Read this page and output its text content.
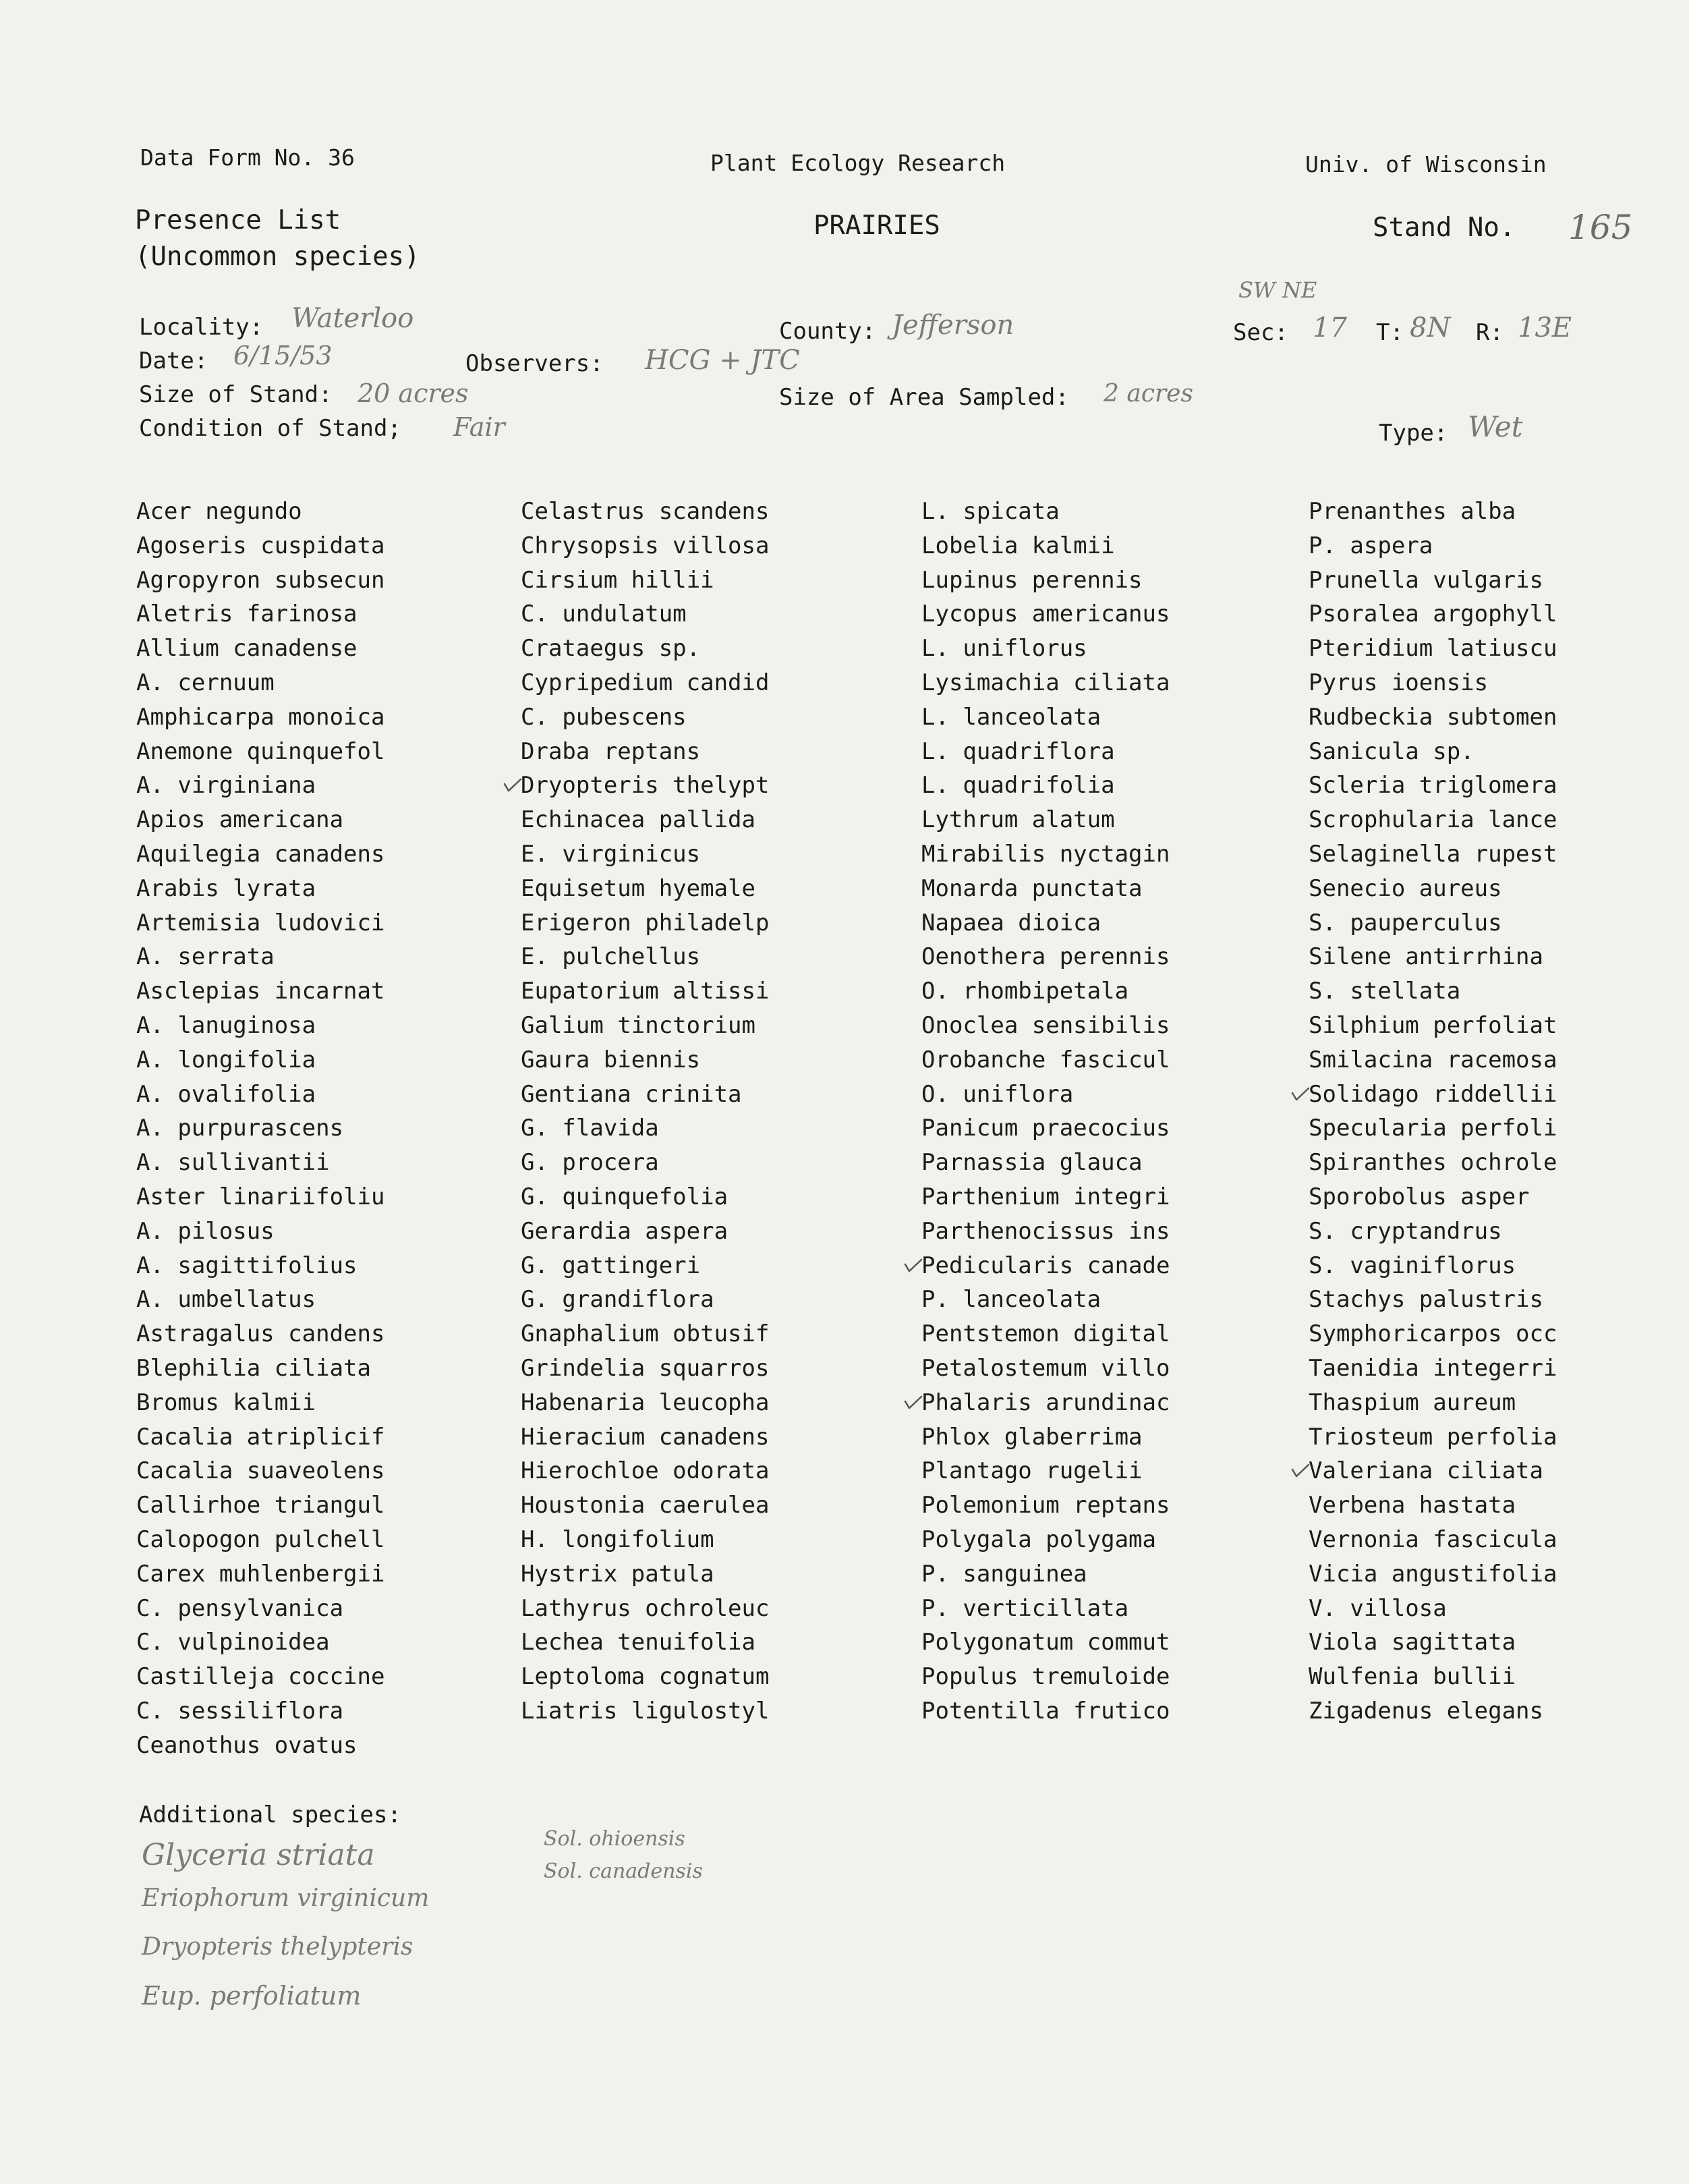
Data Form No. 36	Plant Ecology Research	Univ. of Wisconsin
Presence List
(Uncommon species)
PRAIRIES	Stand No. 165
Locality: Waterloo
Date: 6/15/53	Observers: HCG + JTC
Size of Stand: 20 acres
Condition of Stand; Fair
County: Jefferson
Size of Area Sampled: 2 acres
SW NE
Sec: 17 T: 8N R: 13E
Type: Wet
Acer negundo
Agoseris cuspidata
Agropyron subsecun
Aletris farinosa
Allium canadense
A. cernuum
Amphicarpa monoica
Anemone quinquefol
A. virginiana
Apios americana
Aquilegia canadens
Arabis lyrata
Artemisia ludovici
A. serrata
Asclepias incarnat
A. lanuginosa
A. longifolia
A. ovalifolia
A. purpurascens
A. sullivantii
Aster linariifoliu
A. pilosus
A. sagittifolius
A. umbellatus
Astragalus candens
Blephilia ciliata
Bromus kalmii
Cacalia atriplicif
Cacalia suaveolens
Callirhoe triangul
Calopogon pulchell
Carex muhlenbergii
C. pensylvanica
C. vulpinoidea
Castilleja coccine
C. sessiliflora
Ceanothus ovatus
Celastrus scandens
Chrysopsis villosa
Cirsium hillii
C. undulatum
Crataegus sp.
Cypripedium candid
C. pubescens
Draba reptans
Dryopteris thelypt
Echinacea pallida
E. virginicus
Equisetum hyemale
Erigeron philadelp
E. pulchellus
Eupatorium altissi
Galium tinctorium
Gaura biennis
Gentiana crinita
G. flavida
G. procera
G. quinquefolia
Gerardia aspera
G. gattingeri
G. grandiflora
Gnaphalium obtusif
Grindelia squarros
Habenaria leucopha
Hieracium canadens
Hierochloe odorata
Houstonia caerulea
H. longifolium
Hystrix patula
Lathyrus ochroleuc
Lechea tenuifolia
Leptoloma cognatum
Liatris ligulostyl
L. spicata
Lobelia kalmii
Lupinus perennis
Lycopus americanus
L. uniflorus
Lysimachia ciliata
L. lanceolata
L. quadriflora
L. quadrifolia
Lythrum alatum
Mirabilis nyctagin
Monarda punctata
Napaea dioica
Oenothera perennis
O. rhombipetala
Onoclea sensibilis
Orobanche fascicul
O. uniflora
Panicum praecocius
Parnassia glauca
Parthenium integri
Parthenocissus ins
Pedicularis canade
P. lanceolata
Pentstemon digital
Petalostemum villo
Phalaris arundinac
Phlox glaberrima
Plantago rugelii
Polemonium reptans
Polygala polygama
P. sanguinea
P. verticillata
Polygonatum commut
Populus tremuloide
Potentilla frutico
Prenanthes alba
P. aspera
Prunella vulgaris
Psoralea argophyll
Pteridium latiuscu
Pyrus ioensis
Rudbeckia subtomen
Sanicula sp.
Scleria triglomera
Scrophularia lance
Selaginella rupest
Senecio aureus
S. pauperculus
Silene antirrhina
S. stellata
Silphium perfoliat
Smilacina racemosa
Solidago riddellii
Specularia perfoli
Spiranthes ochrole
Sporobolus asper
S. cryptandrus
S. vaginiflorus
Stachys palustris
Symphoricarpos occ
Taenidia integerri
Thaspium aureum
Triosteum perfolia
Valeriana ciliata
Verbena hastata
Vernonia fascicula
Vicia angustifolia
V. villosa
Viola sagittata
Wulfenia bullii
Zigadenus elegans
Additional species:
Glyceria striata
Eriophorum virginicum
Dryopteris thelypteris
Eup. perfoliatum
Sol. ohioensis
Sol. canadensis
